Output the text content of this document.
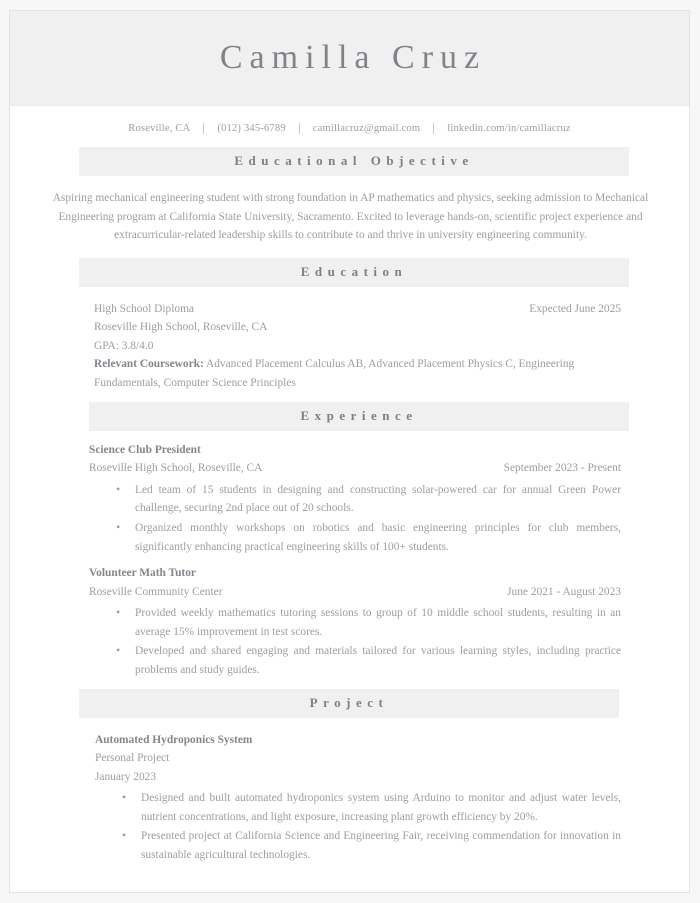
Camilla Cruz
Roseville, CA	(012) 345-6789	camillacruz@gmail.com	linkedin.com/in/camillacruz
Educational Objective
Aspiring mechanical engineering student with strong foundation in AP mathematics and physics, seeking admission to Mechanical Engineering program at California State University, Sacramento. Excited to leverage hands-on, scientific project experience and extracurricular-related leadership skills to contribute to and thrive in university engineering community.
Education
High School Diploma	Expected June 2025
Roseville High School, Roseville, CA
GPA: 3.8/4.0
Relevant Coursework: Advanced Placement Calculus AB, Advanced Placement Physics C, Engineering Fundamentals, Computer Science Principles
Experience
Science Club President
Roseville High School, Roseville, CA	September 2023 - Present
• Led team of 15 students in designing and constructing solar-powered car for annual Green Power challenge, securing 2nd place out of 20 schools.
• Organized monthly workshops on robotics and basic engineering principles for club members, significantly enhancing practical engineering skills of 100+ students.
Volunteer Math Tutor
Roseville Community Center	June 2021 - August 2023
• Provided weekly mathematics tutoring sessions to group of 10 middle school students, resulting in an average 15% improvement in test scores.
• Developed and shared engaging and materials tailored for various learning styles, including practice problems and study guides.
Project
Automated Hydroponics System
Personal Project
January 2023
• Designed and built automated hydroponics system using Arduino to monitor and adjust water levels, nutrient concentrations, and light exposure, increasing plant growth efficiency by 20%.
• Presented project at California Science and Engineering Fair, receiving commendation for innovation in sustainable agricultural technologies.
